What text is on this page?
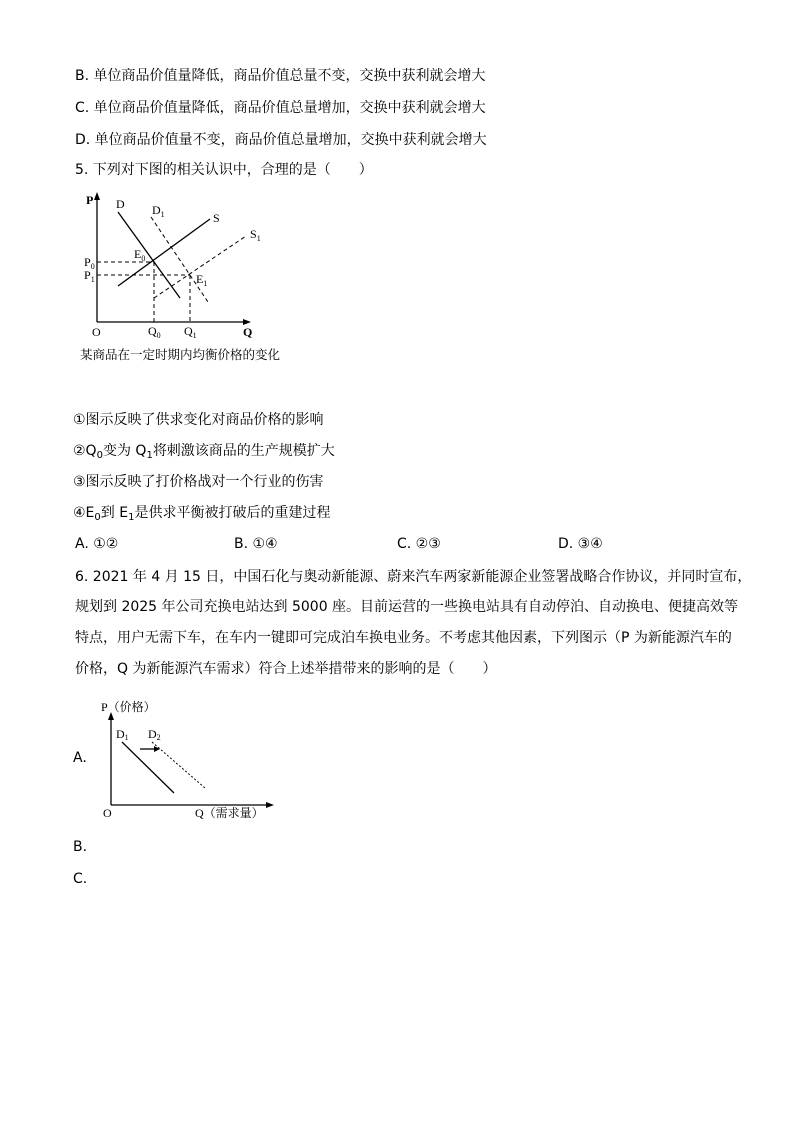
B. 单位商品价值量降低，商品价值总量不变，交换中获利就会增大
C. 单位商品价值量降低，商品价值总量增加，交换中获利就会增大
D. 单位商品价值量不变，商品价值总量增加，交换中获利就会增大
5. 下列对下图的相关认识中，合理的是（　　）
P
Q
O
D $D_1$	S
$S_1$
$E_0$
$E_1$
$P_0$
$P_1$
$Q_0$ $Q_1$
某商品在一定时期内均衡价格的变化
①图示反映了供求变化对商品价格的影响
$②Q_0$变为 $Q_1$将刺激该商品的生产规模扩大
③图示反映了打价格战对一个行业的伤害
$④E_0$到 $E_1$是供求平衡被打破后的重建过程
A. ①②	B. ①④	C. ②③	D. ③④
6. 2021 年 4 月 15 日，中国石化与奥动新能源、蔚来汽车两家新能源企业签署战略合作协议，并同时宣布，
规划到 2025 年公司充换电站达到 5000 座。目前运营的一些换电站具有自动停泊、自动换电、便捷高效等
特点，用户无需下车，在车内一键即可完成泊车换电业务。不考虑其他因素，下列图示（P 为新能源汽车的
价格，Q 为新能源汽车需求）符合上述举措带来的影响的是（　　）
A.
P（价格）
Q（需求量）
O
D1 D2
B.
C.
